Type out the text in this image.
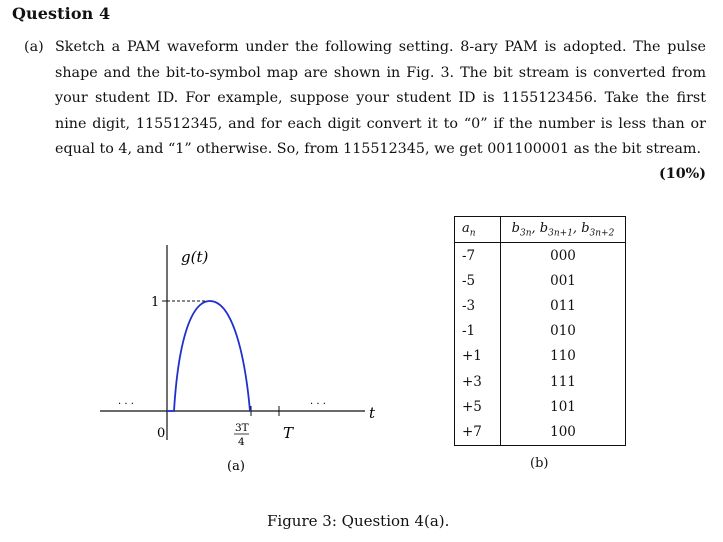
Question 4
(a) Sketch a PAM waveform under the following setting. 8-ary PAM is adopted. The pulse shape and the bit-to-symbol map are shown in Fig. 3. The bit stream is converted from your student ID. For example, suppose your student ID is 1155123456. Take the first nine digit, 115512345, and for each digit convert it to “0” if the number is less than or equal to 4, and “1” otherwise. So, from 115512345, we get 001100001 as the bit stream.
(10%)
g(t)
t
1
0	3T
4	T
· · ·	· · ·
(a)
$a_n$	$b_{3n}$, $b_{3n+1}$, $b_{3n+2}$
-7	000
-5	001
-3	011
-1	010
+1	110
+3	111
+5	101
+7	100
(b)
Figure 3: Question 4(a).
